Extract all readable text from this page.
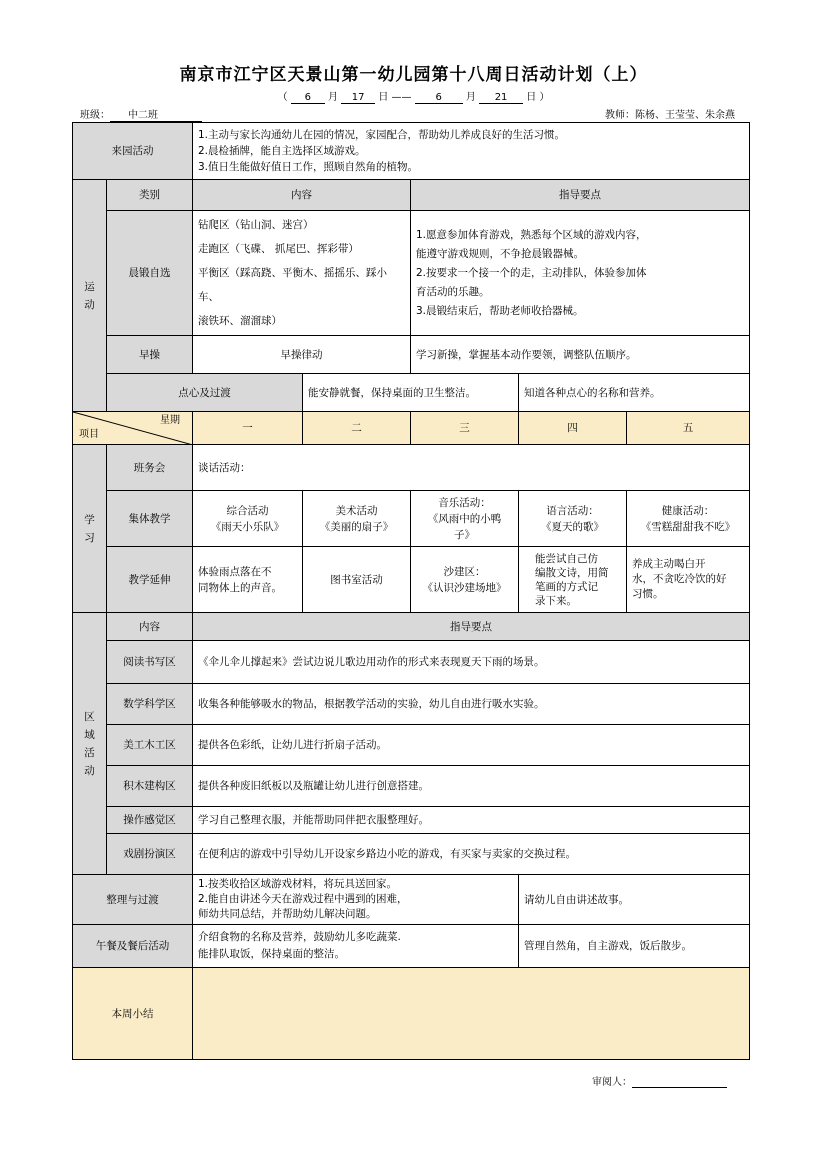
南京市江宁区天景山第一幼儿园第十八周日活动计划（上）
（ 6 月 17 日 —— 6 月 21 日 ）
班级： 中二班	教师：陈杨、王莹莹、朱余燕
来园活动		1.主动与家长沟通幼儿在园的情况，家园配合，帮助幼儿养成良好的生活习惯。
2.晨检插牌，能自主选择区域游戏。
3.值日生能做好值日工作，照顾自然角的植物。				

运动	类别	内容		指导要点		
	晨锻自选	钻爬区（钻山洞、迷宫）
走跑区（飞碟、 抓尾巴、挥彩带）
平衡区（踩高跷、平衡木、摇摇乐、踩小车、
滚铁环、溜溜球）		1.愿意参加体育游戏，熟悉每个区域的游戏内容，
能遵守游戏规则，不争抢晨锻器械。
2.按要求一个接一个的走，主动排队，体验参加体
育活动的乐趣。
3.晨锻结束后，帮助老师收拾器械。		

	早操	早操律动		学习新操，掌握基本动作要领，调整队伍顺序。		
	点心及过渡		能安静就餐，保持桌面的卫生整洁。		知道各种点心的名称和营养。	

星期
项目		一	二	三	四	五

学习	班务会	谈话活动：				
	集体教学	综合活动
《雨天小乐队》	美术活动
《美丽的扇子》	音乐活动：
《风雨中的小鸭
子》	语言活动：
《夏天的歌》	健康活动：
《雪糕甜甜我不吃》

	教学延伸	体验雨点落在不
同物体上的声音。	图书室活动	沙建区：
《认识沙建场地》	能尝试自己仿
编散文诗，用简
笔画的方式记
录下来。	养成主动喝白开
水，不贪吃冷饮的好
习惯。

区域活动	内容	指导要点				
	阅读书写区	《伞儿伞儿撑起来》尝试边说儿歌边用动作的形式来表现夏天下雨的场景。				
	数学科学区	收集各种能够吸水的物品，根据教学活动的实验，幼儿自由进行吸水实验。				
	美工木工区	提供各色彩纸，让幼儿进行折扇子活动。				
	积木建构区	提供各种废旧纸板以及瓶罐让幼儿进行创意搭建。				
	操作感觉区	学习自己整理衣服，并能帮助同伴把衣服整理好。				
	戏剧扮演区	在便利店的游戏中引导幼儿开设家乡路边小吃的游戏，有买家与卖家的交换过程。				
整理与过渡		1.按类收拾区域游戏材料，将玩具送回家。
2.能自由讲述今天在游戏过程中遇到的困难，
师幼共同总结，并帮助幼儿解决问题。			请幼儿自由讲述故事。	
午餐及餐后活动		介绍食物的名称及营养，鼓励幼儿多吃蔬菜.
能排队取饭，保持桌面的整洁。			管理自然角，自主游戏，饭后散步。	
本周小结						
审阅人：
